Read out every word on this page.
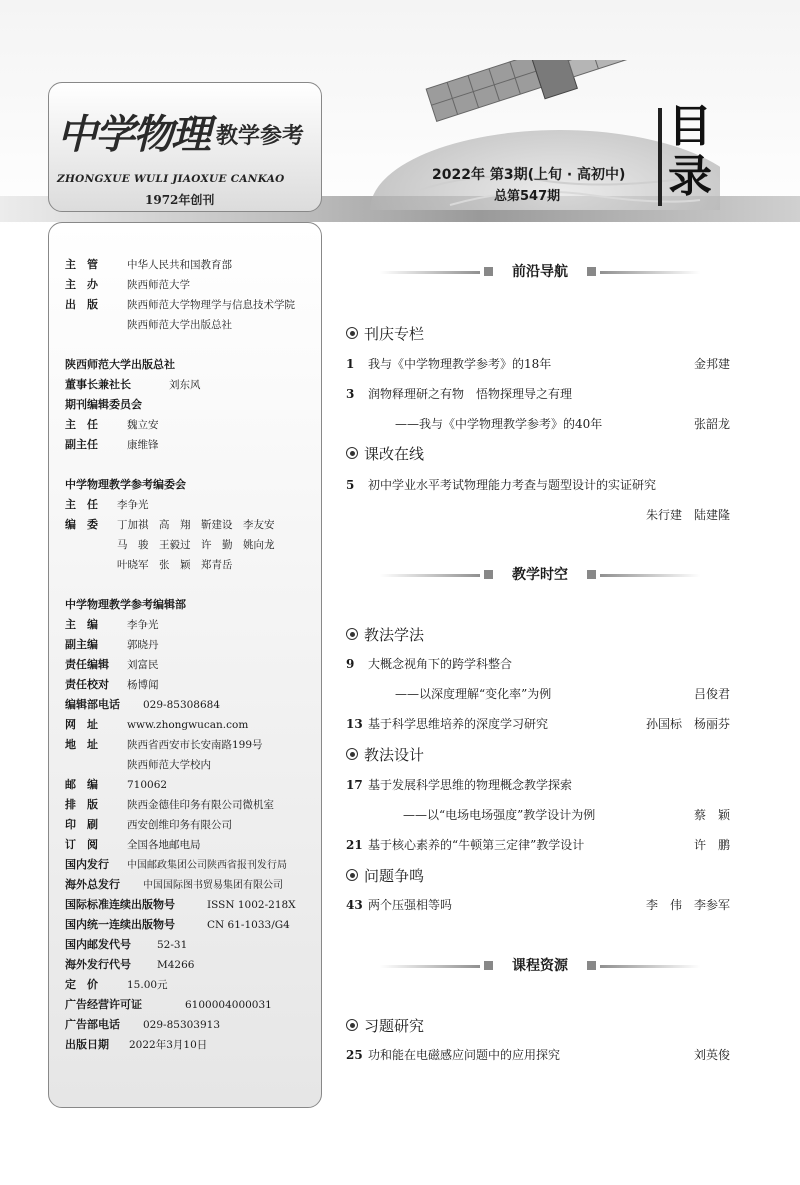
中学物理 教学参考
ZHONGXUE WULI JIAOXUE CANKAO
1972年创刊
2022年 第3期(上旬 · 高初中)
总第547期
目录
主　管	中华人民共和国教育部
主　办	陕西师范大学
出　版	陕西师范大学物理学与信息技术学院
陕西师范大学出版总社
陕西师范大学出版总社
董事长兼社长	刘东风
期刊编辑委员会
主　任	魏立安
副主任	康维锋
中学物理教学参考编委会
主　任 李争光
编　委 丁加祺　高　翔　靳建设　李友安
马　骏　王毅过　许　勤　姚向龙
叶晓军　张　颖　郑青岳
中学物理教学参考编辑部
主　编	李争光
副主编	郭晓丹
责任编辑 刘富民
责任校对 杨博闻
编辑部电话 029-85308684
网　址	www.zhongwucan.com
地　址	陕西省西安市长安南路199号
陕西师范大学校内
邮　编	710062
排　版	陕西金德佳印务有限公司微机室
印　刷	西安创维印务有限公司
订　阅	全国各地邮电局
国内发行 中国邮政集团公司陕西省报刊发行局
海外总发行 中国国际图书贸易集团有限公司
国际标准连续出版物号	ISSN 1002-218X
国内统一连续出版物号	CN 61-1033/G4
国内邮发代号 52-31
海外发行代号 M4266
定　价	15.00元
广告经营许可证	6100004000031
广告部电话 029-85303913
出版日期 2022年3月10日
前沿导航
刊庆专栏
1 我与《中学物理教学参考》的18年	金邦建
3 润物释理研之有物　悟物探理导之有理
——我与《中学物理教学参考》的40年	张韶龙
课改在线
5 初中学业水平考试物理能力考查与题型设计的实证研究
朱行建　陆建隆
教学时空
教法学法
9 大概念视角下的跨学科整合
——以深度理解“变化率”为例	吕俊君
13 基于科学思维培养的深度学习研究	孙国标　杨丽芬
教法设计
17 基于发展科学思维的物理概念教学探索
——以“电场电场强度”教学设计为例	蔡　颖
21 基于核心素养的“牛顿第三定律”教学设计	许　鹏
问题争鸣
43 两个压强相等吗	李　伟　李参军
课程资源
习题研究
25 功和能在电磁感应问题中的应用探究	刘英俊
